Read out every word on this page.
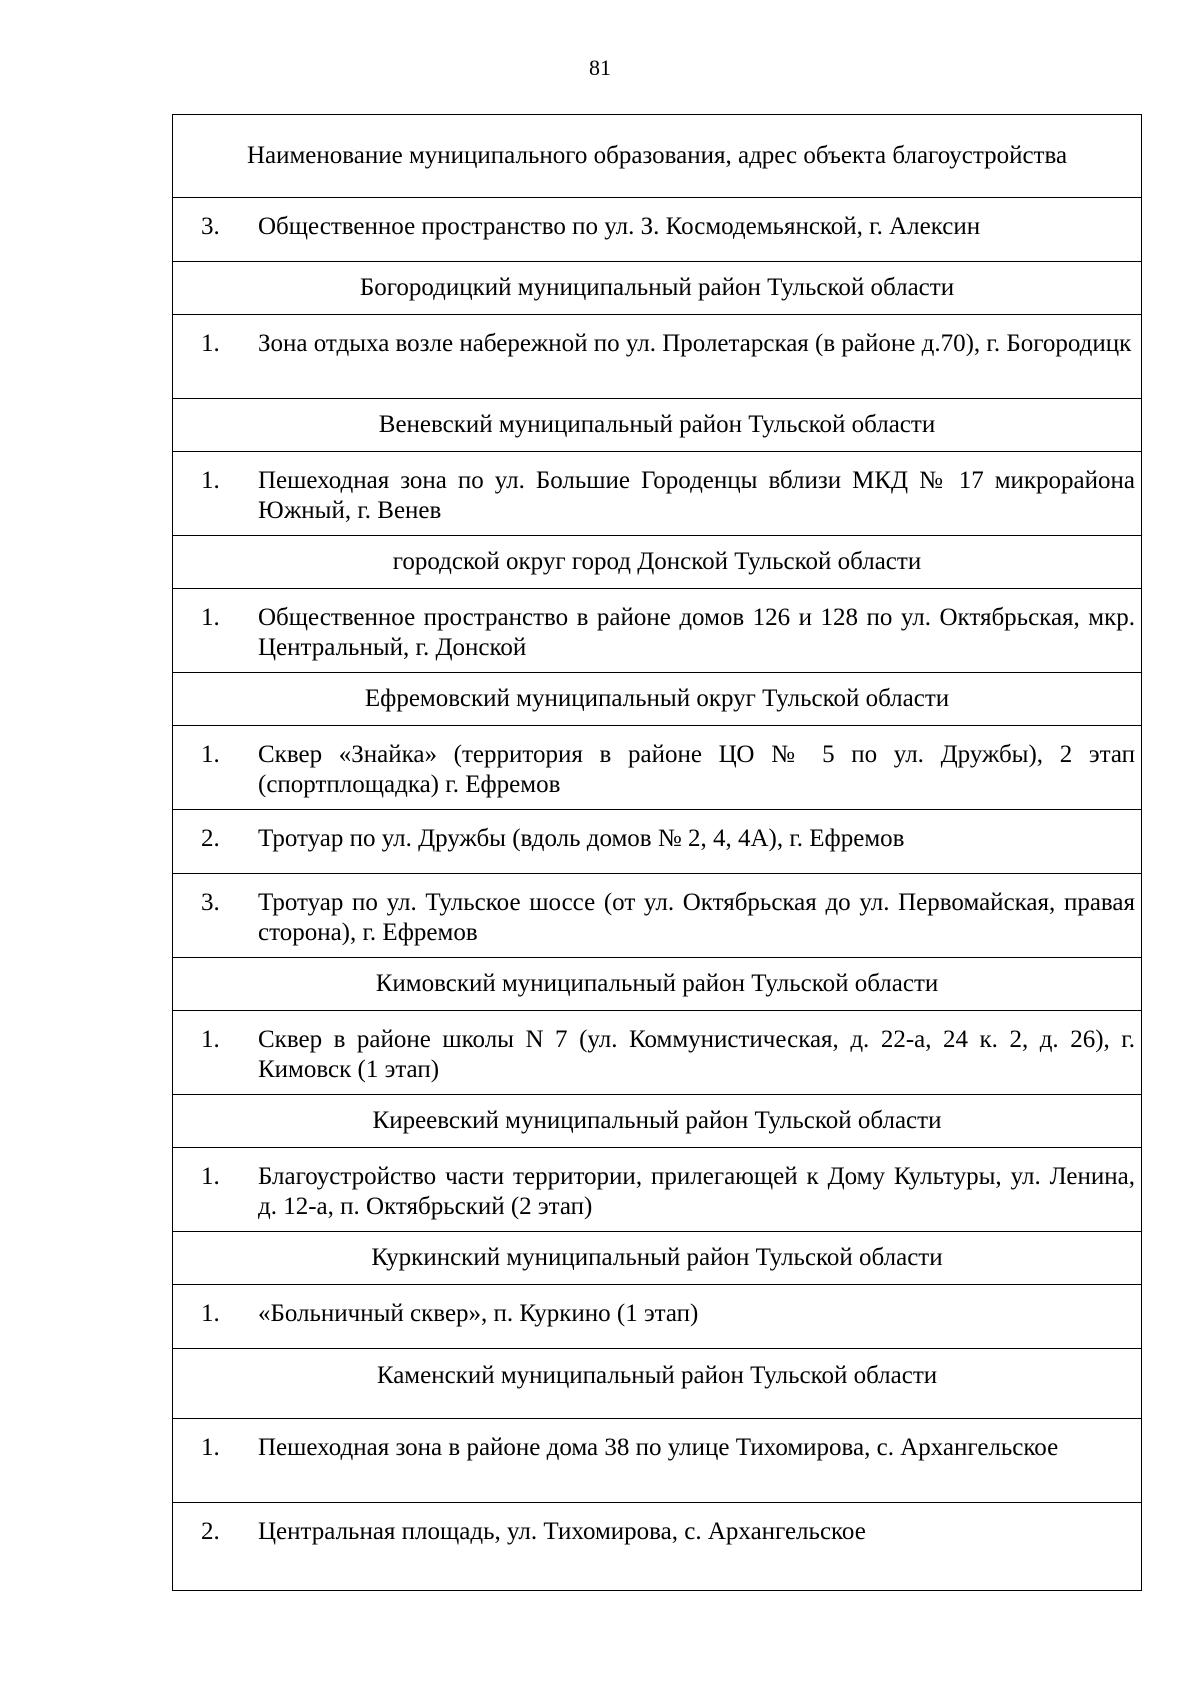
81
Наименование муниципального образования, адрес объекта благоустройства

3.	Общественное пространство по ул. З. Космодемьянской, г. Алексин

Богородицкий муниципальный район Тульской области

1.	Зона отдыха возле набережной по ул. Пролетарская (в районе д.70), г. Богородицк

Веневский муниципальный район Тульской области

1.	Пешеходная зона по ул. Большие Городенцы вблизи МКД № 17 микрорайона Южный, г. Венев

городской округ город Донской Тульской области

1.	Общественное пространство в районе домов 126 и 128 по ул. Октябрьская, мкр. Центральный, г. Донской

Ефремовский муниципальный округ Тульской области

1.	Сквер «Знайка» (территория в районе ЦО № 5 по ул. Дружбы), 2 этап (спортплощадка) г. Ефремов

2.	Тротуар по ул. Дружбы (вдоль домов № 2, 4, 4А), г. Ефремов

3.	Тротуар по ул. Тульское шоссе (от ул. Октябрьская до ул. Первомайская, правая сторона), г. Ефремов

Кимовский муниципальный район Тульской области

1.	Сквер в районе школы N 7 (ул. Коммунистическая, д. 22-а, 24 к. 2, д. 26), г. Кимовск (1 этап)

Киреевский муниципальный район Тульской области

1.	Благоустройство части территории, прилегающей к Дому Культуры, ул. Ленина, д. 12-а, п. Октябрьский (2 этап)

Куркинский муниципальный район Тульской области

1.	«Больничный сквер», п. Куркино (1 этап)

Каменский муниципальный район Тульской области

1.	Пешеходная зона в районе дома 38 по улице Тихомирова, с. Архангельское

2.	Центральная площадь, ул. Тихомирова, с. Архангельское
